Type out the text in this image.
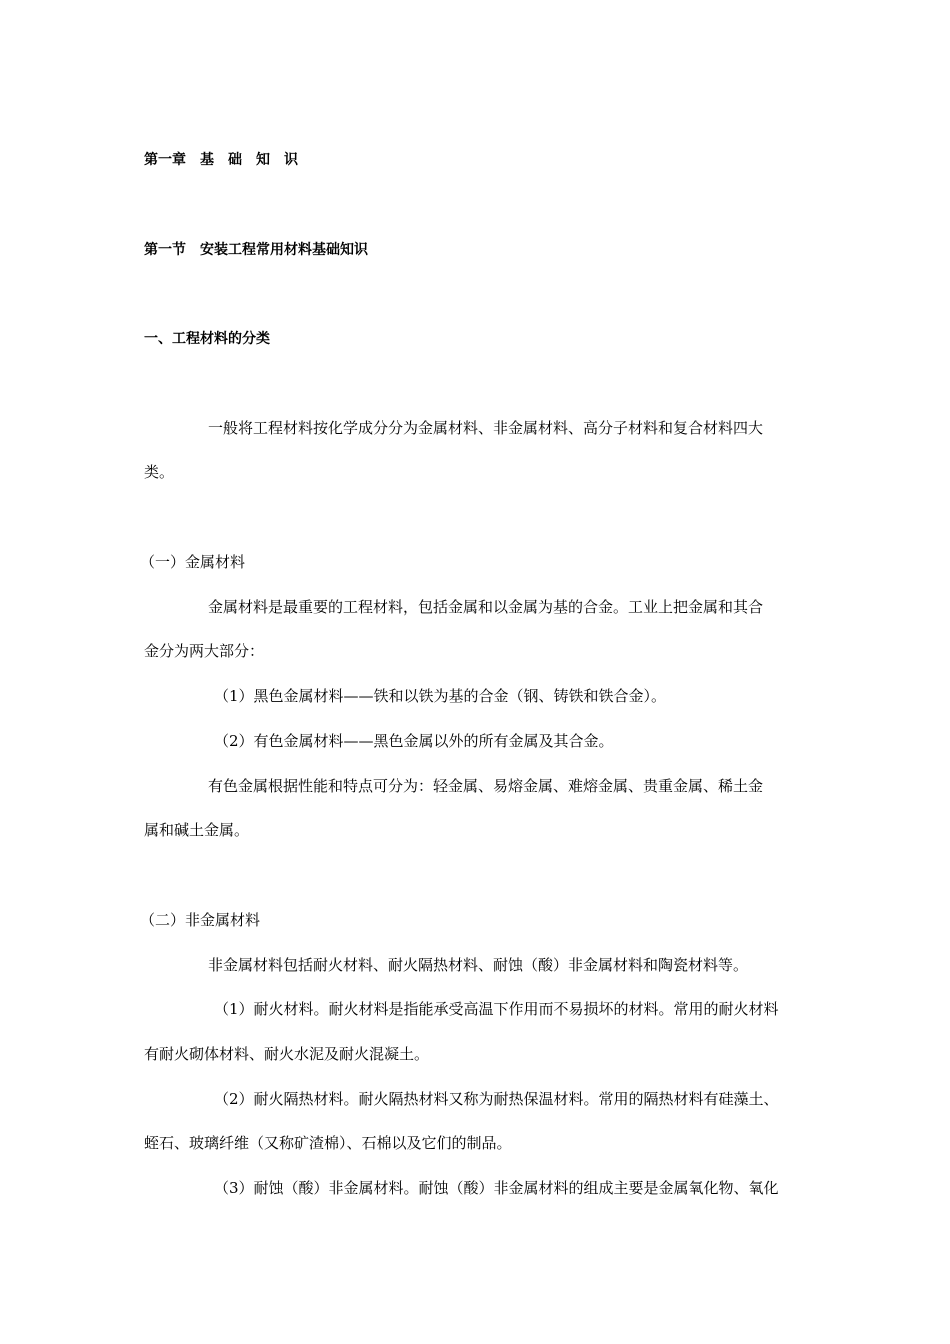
第一章　基　础　知　识
第一节　安装工程常用材料基础知识
一、工程材料的分类
一般将工程材料按化学成分分为金属材料、非金属材料、高分子材料和复合材料四大
类。
（一）金属材料
金属材料是最重要的工程材料，包括金属和以金属为基的合金。工业上把金属和其合
金分为两大部分：
（1）黑色金属材料——铁和以铁为基的合金（钢、铸铁和铁合金）。
（2）有色金属材料——黑色金属以外的所有金属及其合金。
有色金属根据性能和特点可分为：轻金属、易熔金属、难熔金属、贵重金属、稀土金
属和碱土金属。
（二）非金属材料
非金属材料包括耐火材料、耐火隔热材料、耐蚀（酸）非金属材料和陶瓷材料等。
（1）耐火材料。耐火材料是指能承受高温下作用而不易损坏的材料。常用的耐火材料
有耐火砌体材料、耐火水泥及耐火混凝土。
（2）耐火隔热材料。耐火隔热材料又称为耐热保温材料。常用的隔热材料有硅藻土、
蛭石、玻璃纤维（又称矿渣棉）、石棉以及它们的制品。
（3）耐蚀（酸）非金属材料。耐蚀（酸）非金属材料的组成主要是金属氧化物、氧化
